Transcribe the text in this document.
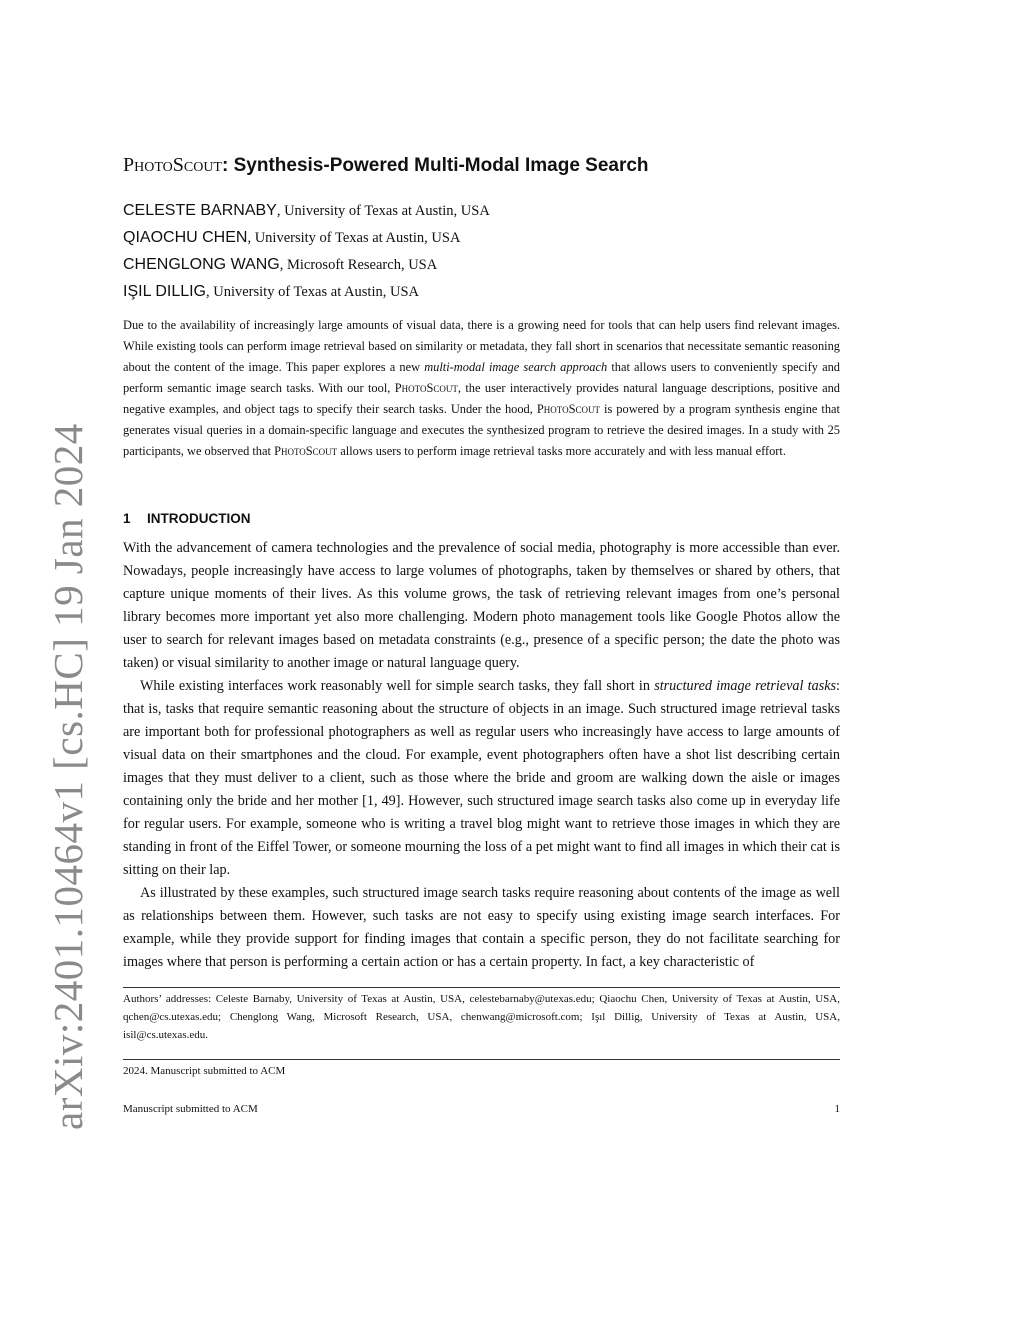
arXiv:2401.10464v1 [cs.HC] 19 Jan 2024
PhotoScout: Synthesis-Powered Multi-Modal Image Search
CELESTE BARNABY, University of Texas at Austin, USA
QIAOCHU CHEN, University of Texas at Austin, USA
CHENGLONG WANG, Microsoft Research, USA
IŞIL DILLIG, University of Texas at Austin, USA

Due to the availability of increasingly large amounts of visual data, there is a growing need for tools that can help users find relevant images. While existing tools can perform image retrieval based on similarity or metadata, they fall short in scenarios that necessitate semantic reasoning about the content of the image. This paper explores a new multi-modal image search approach that allows users to conveniently specify and perform semantic image search tasks. With our tool, PhotoScout, the user interactively provides natural language descriptions, positive and negative examples, and object tags to specify their search tasks. Under the hood, PhotoScout is powered by a program synthesis engine that generates visual queries in a domain-specific language and executes the synthesized program to retrieve the desired images. In a study with 25 participants, we observed that PhotoScout allows users to perform image retrieval tasks more accurately and with less manual effort.

1 INTRODUCTION

With the advancement of camera technologies and the prevalence of social media, photography is more accessible than ever. Nowadays, people increasingly have access to large volumes of photographs, taken by themselves or shared by others, that capture unique moments of their lives. As this volume grows, the task of retrieving relevant images from one’s personal library becomes more important yet also more challenging. Modern photo management tools like Google Photos allow the user to search for relevant images based on metadata constraints (e.g., presence of a specific person; the date the photo was taken) or visual similarity to another image or natural language query.

While existing interfaces work reasonably well for simple search tasks, they fall short in structured image retrieval tasks: that is, tasks that require semantic reasoning about the structure of objects in an image. Such structured image retrieval tasks are important both for professional photographers as well as regular users who increasingly have access to large amounts of visual data on their smartphones and the cloud. For example, event photographers often have a shot list describing certain images that they must deliver to a client, such as those where the bride and groom are walking down the aisle or images containing only the bride and her mother [1, 49]. However, such structured image search tasks also come up in everyday life for regular users. For example, someone who is writing a travel blog might want to retrieve those images in which they are standing in front of the Eiffel Tower, or someone mourning the loss of a pet might want to find all images in which their cat is sitting on their lap.

As illustrated by these examples, such structured image search tasks require reasoning about contents of the image as well as relationships between them. However, such tasks are not easy to specify using existing image search interfaces. For example, while they provide support for finding images that contain a specific person, they do not facilitate searching for images where that person is performing a certain action or has a certain property. In fact, a key characteristic of

Authors’ addresses: Celeste Barnaby, University of Texas at Austin, USA, celestebarnaby@utexas.edu; Qiaochu Chen, University of Texas at Austin, USA, qchen@cs.utexas.edu; Chenglong Wang, Microsoft Research, USA, chenwang@microsoft.com; Işıl Dillig, University of Texas at Austin, USA, isil@cs.utexas.edu.

2024. Manuscript submitted to ACM

Manuscript submitted to ACM	1
